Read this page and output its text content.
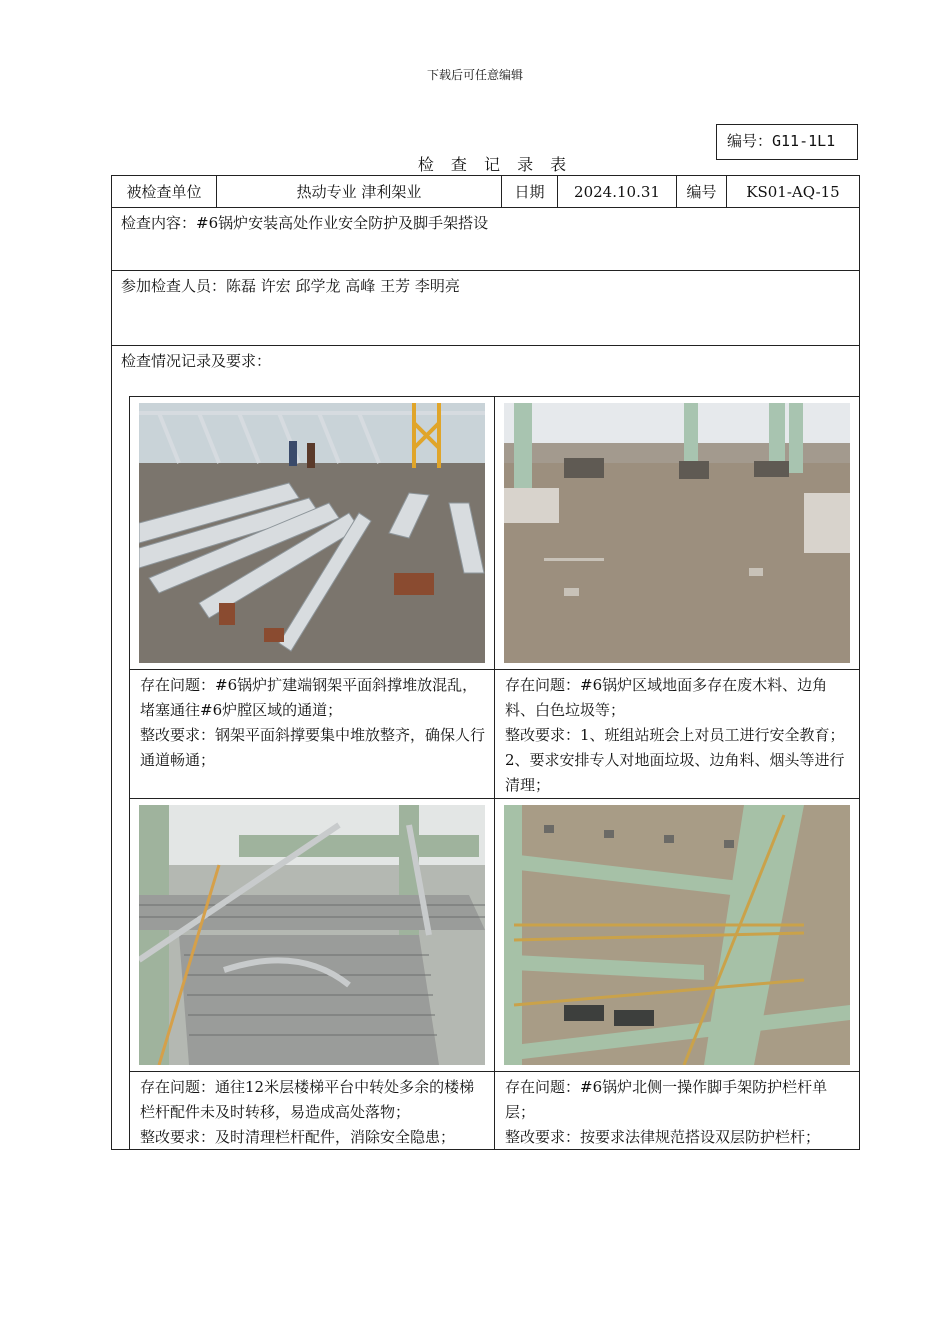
下载后可任意编辑
编号：G11-1L1
检 查 记 录 表
被检查单位	热动专业 津利架业	日期	2024.10.31	编号	KS01-AQ-15
检查内容：#6锅炉安装高处作业安全防护及脚手架搭设
参加检查人员：陈磊 许宏 邱学龙 高峰 王芳 李明亮
检查情况记录及要求：
存在问题：#6锅炉扩建端钢架平面斜撑堆放混乱，堵塞通往#6炉膛区域的通道；
整改要求：钢架平面斜撑要集中堆放整齐，确保人行通道畅通；
存在问题：#6锅炉区域地面多存在废木料、边角料、白色垃圾等；
整改要求：1、班组站班会上对员工进行安全教育；2、要求安排专人对地面垃圾、边角料、烟头等进行清理；
存在问题：通往12米层楼梯平台中转处多余的楼梯栏杆配件未及时转移，易造成高处落物；
整改要求：及时清理栏杆配件，消除安全隐患；
存在问题：#6锅炉北侧一操作脚手架防护栏杆单层；
整改要求：按要求法律规范搭设双层防护栏杆；
